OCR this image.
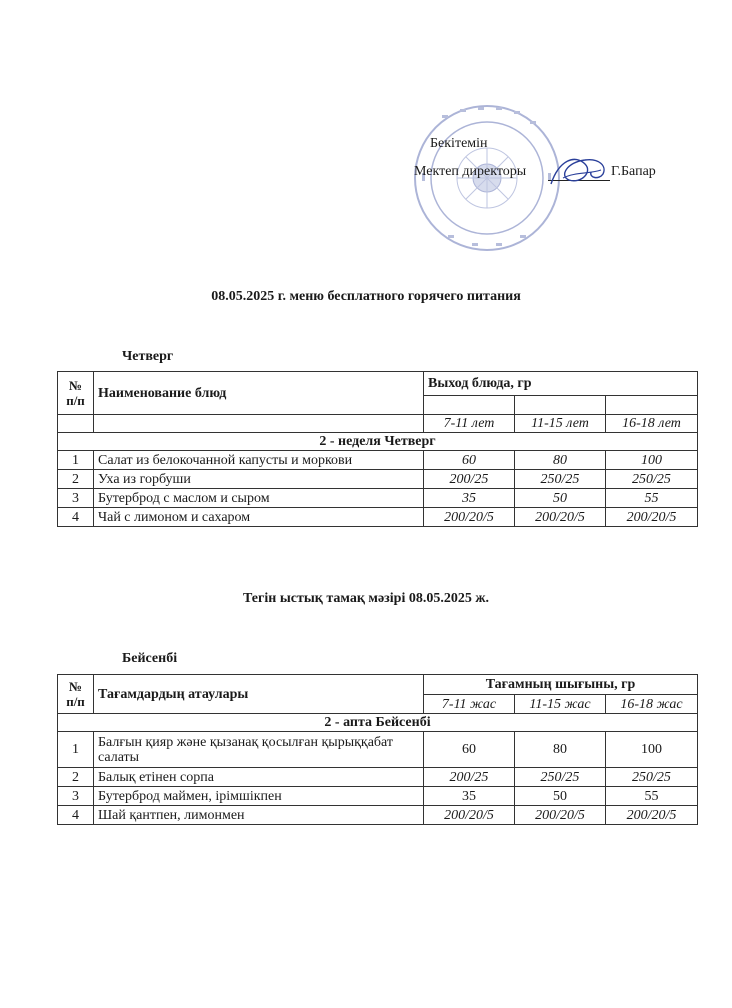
Бекітемін
Мектеп директоры	Г.Бапар
08.05.2025 г. меню бесплатного горячего питания
Четверг
№ п/п	Наименование блюд	Выход блюда, гр		

		7-11 лет	11-15 лет	16-18 лет
2 - неделя Четверг				
1	Салат из белокочанной капусты и моркови	60	80	100
2	Уха из горбуши	200/25	250/25	250/25
3	Бутерброд с маслом и сыром	35	50	55
4	Чай с лимоном и сахаром	200/20/5	200/20/5	200/20/5
Тегін ыстық тамақ мәзірі 08.05.2025 ж.
Бейсенбі
№ п/п	Тағамдардың атаулары	Тағамның шығыны, гр		
		7-11 жас	11-15 жас	16-18 жас
2 - апта Бейсенбі				
1	Балғын қияр және қызанақ қосылған қырыққабат салаты	60	80	100
2	Балық етінен сорпа	200/25	250/25	250/25
3	Бутерброд маймен, ірімшікпен	35	50	55
4	Шай қантпен, лимонмен	200/20/5	200/20/5	200/20/5
